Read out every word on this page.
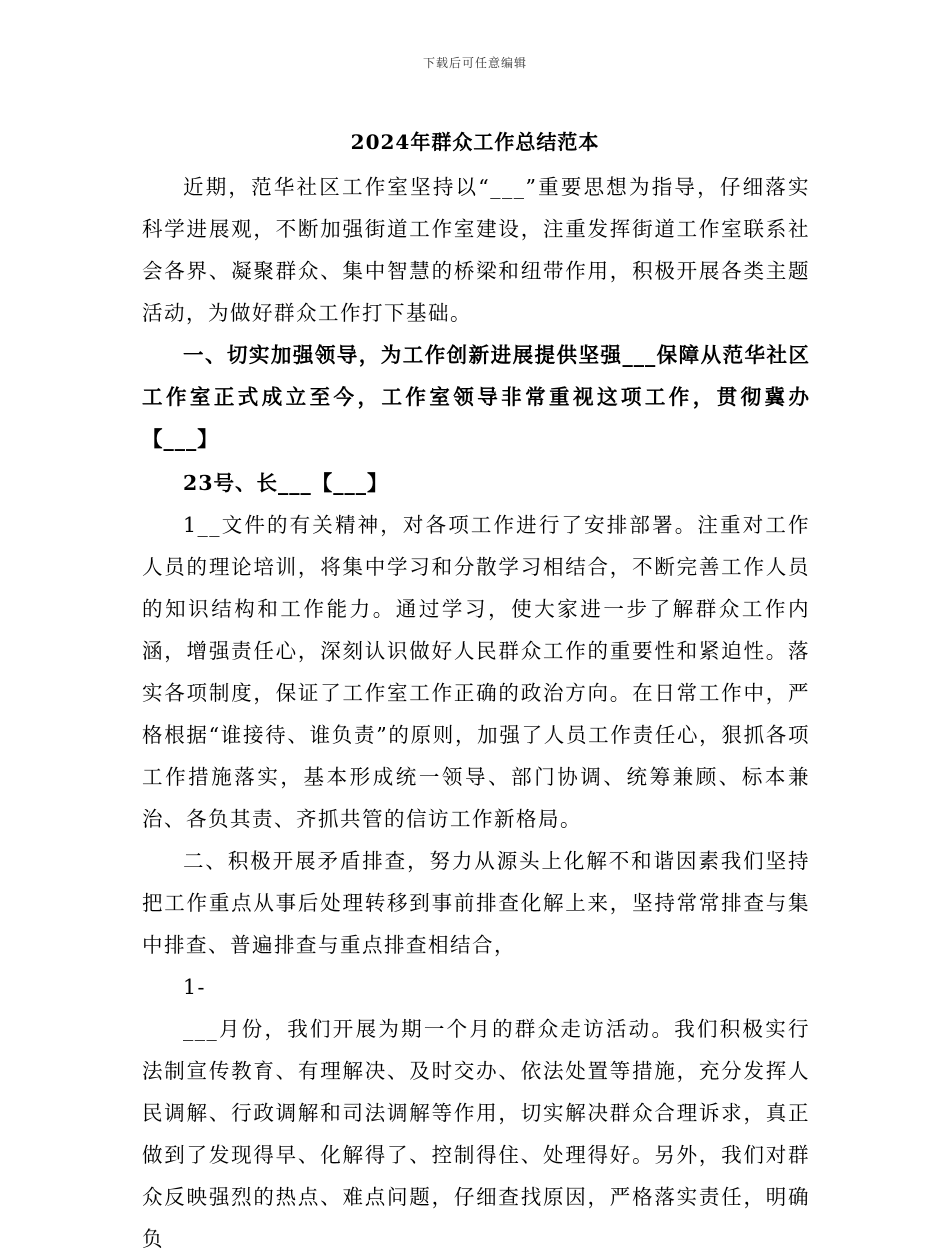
下载后可任意编辑
2024年群众工作总结范本

近期，范华社区工作室坚持以“___”重要思想为指导，仔细落实科学进展观，不断加强街道工作室建设，注重发挥街道工作室联系社会各界、凝聚群众、集中智慧的桥梁和纽带作用，积极开展各类主题活动，为做好群众工作打下基础。

一、切实加强领导，为工作创新进展提供坚强___保障从范华社区工作室正式成立至今，工作室领导非常重视这项工作，贯彻冀办【___】

23号、长___【___】

1__文件的有关精神，对各项工作进行了安排部署。注重对工作人员的理论培训，将集中学习和分散学习相结合，不断完善工作人员的知识结构和工作能力。通过学习，使大家进一步了解群众工作内涵，增强责任心，深刻认识做好人民群众工作的重要性和紧迫性。落实各项制度，保证了工作室工作正确的政治方向。在日常工作中，严格根据“谁接待、谁负责”的原则，加强了人员工作责任心，狠抓各项工作措施落实，基本形成统一领导、部门协调、统筹兼顾、标本兼治、各负其责、齐抓共管的信访工作新格局。

二、积极开展矛盾排查，努力从源头上化解不和谐因素我们坚持把工作重点从事后处理转移到事前排查化解上来，坚持常常排查与集中排查、普遍排查与重点排查相结合，

1-

___月份，我们开展为期一个月的群众走访活动。我们积极实行法制宣传教育、有理解决、及时交办、依法处置等措施，充分发挥人民调解、行政调解和司法调解等作用，切实解决群众合理诉求，真正做到了发现得早、化解得了、控制得住、处理得好。另外，我们对群众反映强烈的热点、难点问题，仔细查找原因，严格落实责任，明确负
